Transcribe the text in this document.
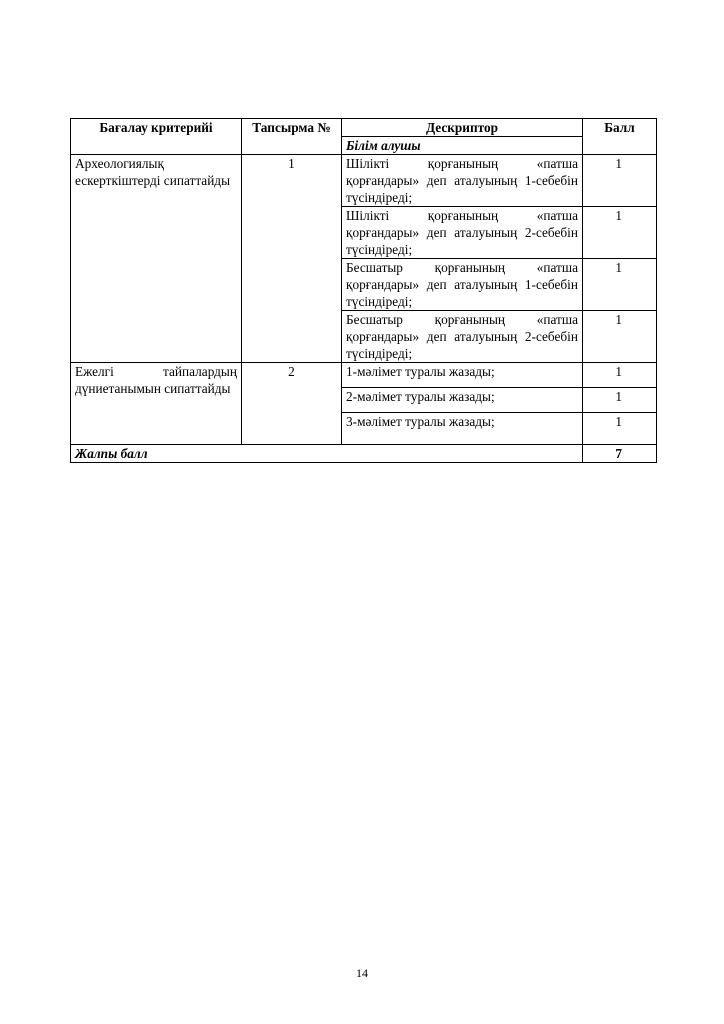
Бағалау критерийі	Тапсырма №	Дескриптор	Балл
		Білім алушы	
Археологиялық ескерткіштерді сипаттайды	1	Шілікті қорғанының «патша қорғандары» деп аталуының 1-себебін түсіндіреді;	1
		Шілікті қорғанының «патша қорғандары» деп аталуының 2-себебін түсіндіреді;	1
		Бесшатыр қорғанының «патша қорғандары» деп аталуының 1-себебін түсіндіреді;	1
		Бесшатыр қорғанының «патша қорғандары» деп аталуының 2-себебін түсіндіреді;	1
Ежелгі тайпалардың дүниетанымын сипаттайды	2	1-мәлімет туралы жазады;	1
		2-мәлімет туралы жазады;	1
		3-мәлімет туралы жазады;	1
Жалпы балл			7
14
